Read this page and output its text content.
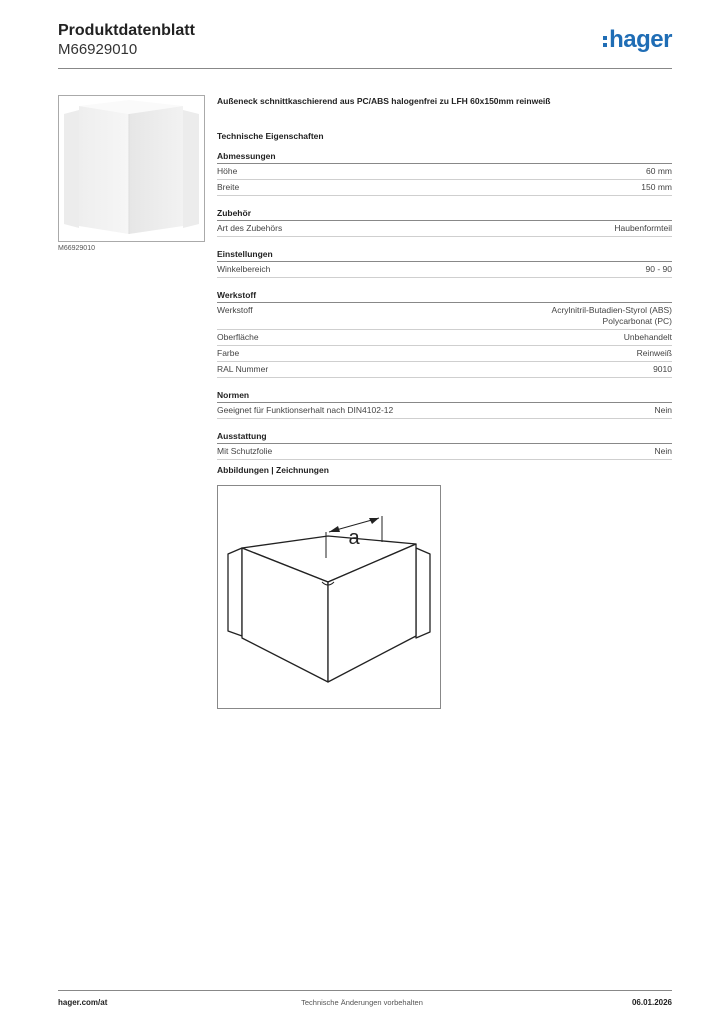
Produktdatenblatt
M66929010	hager
M66929010
Außeneck schnittkaschierend aus PC/ABS halogenfrei zu LFH 60x150mm reinweiß
Technische Eigenschaften
Abmessungen
Höhe	60 mm
Breite	150 mm
Zubehör
Art des Zubehörs	Haubenformteil
Einstellungen
Winkelbereich	90 - 90
Werkstoff
Werkstoff	Acrylnitril-Butadien-Styrol (ABS)
Polycarbonat (PC)
Oberfläche	Unbehandelt
Farbe	Reinweiß
RAL Nummer	9010
Normen
Geeignet für Funktionserhalt nach DIN4102-12	Nein
Ausstattung
Mit Schutzfolie	Nein
Abbildungen | Zeichnungen
a
hager.com/at	Technische Änderungen vorbehalten	06.01.2026
